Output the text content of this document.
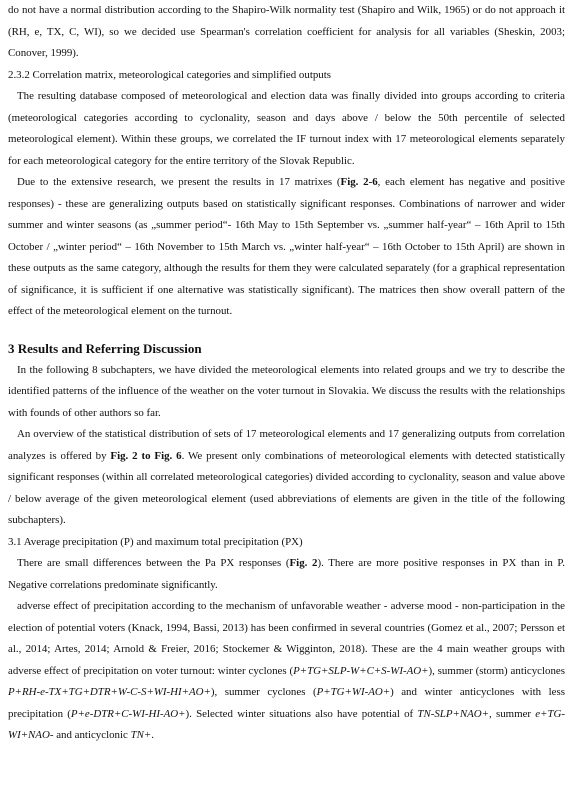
do not have a normal distribution according to the Shapiro-Wilk normality test (Shapiro and Wilk, 1965) or do not approach it (RH, e, TX, C, WI), so we decided use Spearman's correlation coefficient for analysis for all variables (Sheskin, 2003; Conover, 1999).

2.3.2 Correlation matrix, meteorological categories and simplified outputs

The resulting database composed of meteorological and election data was finally divided into groups according to criteria (meteorological categories according to cyclonality, season and days above / below the 50th percentile of selected meteorological element). Within these groups, we correlated the IF turnout index with 17 meteorological elements separately for each meteorological category for the entire territory of the Slovak Republic.

Due to the extensive research, we present the results in 17 matrixes (Fig. 2-6, each element has negative and positive responses) - these are generalizing outputs based on statistically significant responses. Combinations of narrower and wider summer and winter seasons (as „summer period“- 16th May to 15th September vs. „summer half-year“ – 16th April to 15th October / „winter period“ – 16th November to 15th March vs. „winter half-year“ – 16th October to 15th April) are shown in these outputs as the same category, although the results for them they were calculated separately (for a graphical representation of significance, it is sufficient if one alternative was statistically significant). The matrices then show overall pattern of the effect of the meteorological element on the turnout.

3 Results and Referring Discussion

In the following 8 subchapters, we have divided the meteorological elements into related groups and we try to describe the identified patterns of the influence of the weather on the voter turnout in Slovakia. We discuss the results with the relationships with founds of other authors so far.

An overview of the statistical distribution of sets of 17 meteorological elements and 17 generalizing outputs from correlation analyzes is offered by Fig. 2 to Fig. 6. We present only combinations of meteorological elements with detected statistically significant responses (within all correlated meteorological categories) divided according to cyclonality, season and value above / below average of the given meteorological element (used abbreviations of elements are given in the title of the following subchapters).

3.1 Average precipitation (P) and maximum total precipitation (PX)

There are small differences between the Pa PX responses (Fig. 2). There are more positive responses in PX than in P. Negative correlations predominate significantly.

adverse effect of precipitation according to the mechanism of unfavorable weather - adverse mood - non-participation in the election of potential voters (Knack, 1994, Bassi, 2013) has been confirmed in several countries (Gomez et al., 2007; Persson et al., 2014; Artes, 2014; Arnold & Freier, 2016; Stockemer & Wigginton, 2018). These are the 4 main weather groups with adverse effect of precipitation on voter turnout: winter cyclones (P+TG+SLP-W+C+S-WI-AO+), summer (storm) anticyclones P+RH-e-TX+TG+DTR+W-C-S+WI-HI+AO+), summer cyclones (P+TG+WI-AO+) and winter anticyclones with less precipitation (P+e-DTR+C-WI-HI-AO+). Selected winter situations also have potential of TN-SLP+NAO+, summer e+TG-WI+NAO- and anticyclonic TN+.
